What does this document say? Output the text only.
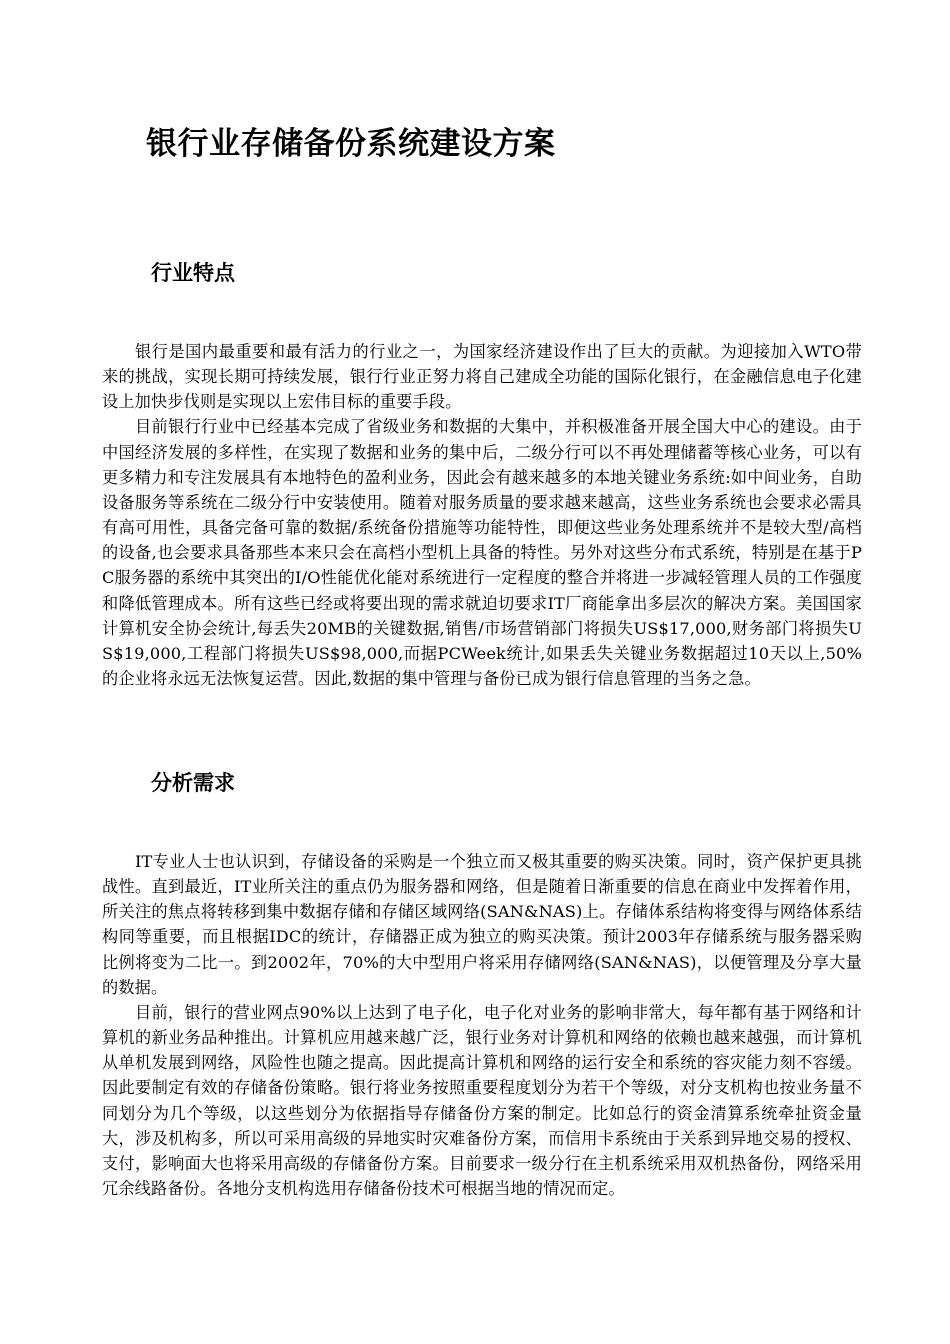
银行业存储备份系统建设方案
行业特点

银行是国内最重要和最有活力的行业之一，为国家经济建设作出了巨大的贡献。为迎接加入WTO带来的挑战，实现长期可持续发展，银行行业正努力将自己建成全功能的国际化银行，在金融信息电子化建设上加快步伐则是实现以上宏伟目标的重要手段。

目前银行行业中已经基本完成了省级业务和数据的大集中，并积极准备开展全国大中心的建设。由于中国经济发展的多样性，在实现了数据和业务的集中后，二级分行可以不再处理储蓄等核心业务，可以有更多精力和专注发展具有本地特色的盈利业务，因此会有越来越多的本地关键业务系统:如中间业务，自助设备服务等系统在二级分行中安装使用。随着对服务质量的要求越来越高，这些业务系统也会要求必需具有高可用性，具备完备可靠的数据/系统备份措施等功能特性，即便这些业务处理系统并不是较大型/高档的设备,也会要求具备那些本来只会在高档小型机上具备的特性。另外对这些分布式系统，特别是在基于PC服务器的系统中其突出的I/O性能优化能对系统进行一定程度的整合并将进一步减轻管理人员的工作强度和降低管理成本。所有这些已经或将要出现的需求就迫切要求IT厂商能拿出多层次的解决方案。美国国家计算机安全协会统计,每丢失20MB的关键数据,销售/市场营销部门将损失US$17,000,财务部门将损失US$19,000,工程部门将损失US$98,000,而据PCWeek统计,如果丢失关键业务数据超过10天以上,50%的企业将永远无法恢复运营。因此,数据的集中管理与备份已成为银行信息管理的当务之急。

分析需求

IT专业人士也认识到，存储设备的采购是一个独立而又极其重要的购买决策。同时，资产保护更具挑战性。直到最近，IT业所关注的重点仍为服务器和网络，但是随着日渐重要的信息在商业中发挥着作用，所关注的焦点将转移到集中数据存储和存储区域网络(SAN&NAS)上。存储体系结构将变得与网络体系结构同等重要，而且根据IDC的统计，存储器正成为独立的购买决策。预计2003年存储系统与服务器采购比例将变为二比一。到2002年，70%的大中型用户将采用存储网络(SAN&NAS)，以便管理及分享大量的数据。

目前，银行的营业网点90%以上达到了电子化，电子化对业务的影响非常大，每年都有基于网络和计算机的新业务品种推出。计算机应用越来越广泛，银行业务对计算机和网络的依赖也越来越强，而计算机从单机发展到网络，风险性也随之提高。因此提高计算机和网络的运行安全和系统的容灾能力刻不容缓。因此要制定有效的存储备份策略。银行将业务按照重要程度划分为若干个等级，对分支机构也按业务量不同划分为几个等级，以这些划分为依据指导存储备份方案的制定。比如总行的资金清算系统牵扯资金量大，涉及机构多，所以可采用高级的异地实时灾难备份方案，而信用卡系统由于关系到异地交易的授权、支付，影响面大也将采用高级的存储备份方案。目前要求一级分行在主机系统采用双机热备份，网络采用冗余线路备份。各地分支机构选用存储备份技术可根据当地的情况而定。
